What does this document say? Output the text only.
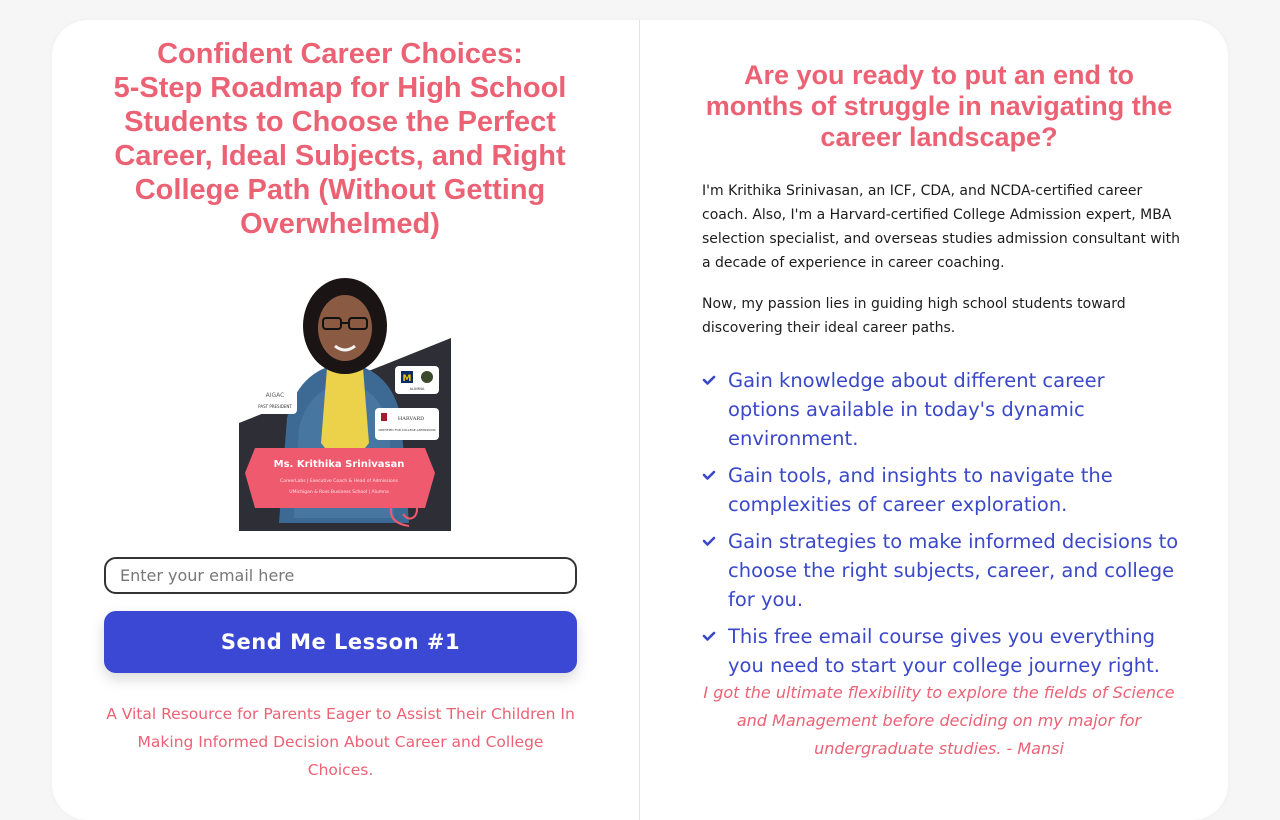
Confident Career Choices:
5-Step Roadmap for High School Students to Choose the Perfect Career, Ideal Subjects, and Right College Path (Without Getting Overwhelmed)
AIGAC
PAST PRESIDENT
M
ALUMNA
HARVARD
CERTIFIED FOR COLLEGE ADMISSIONS
Ms. Krithika Srinivasan
CareerLabs | Executive Coach & Head of Admissions
UMichigan & Ross Business School | Alumna
Enter your email here
Send Me Lesson #1

A Vital Resource for Parents Eager to Assist Their Children In Making Informed Decision About Career and College Choices.

Are you ready to put an end to months of struggle in navigating the career landscape?

I'm Krithika Srinivasan, an ICF, CDA, and NCDA-certified career coach. Also, I'm a Harvard-certified College Admission expert, MBA selection specialist, and overseas studies admission consultant with a decade of experience in career coaching.

Now, my passion lies in guiding high school students toward discovering their ideal career paths.

Gain knowledge about different career options available in today's dynamic environment.
Gain tools, and insights to navigate the complexities of career exploration.
Gain strategies to make informed decisions to choose the right subjects, career, and college for you.
This free email course gives you everything you need to start your college journey right.

I got the ultimate flexibility to explore the fields of Science and Management before deciding on my major for undergraduate studies. - Mansi
